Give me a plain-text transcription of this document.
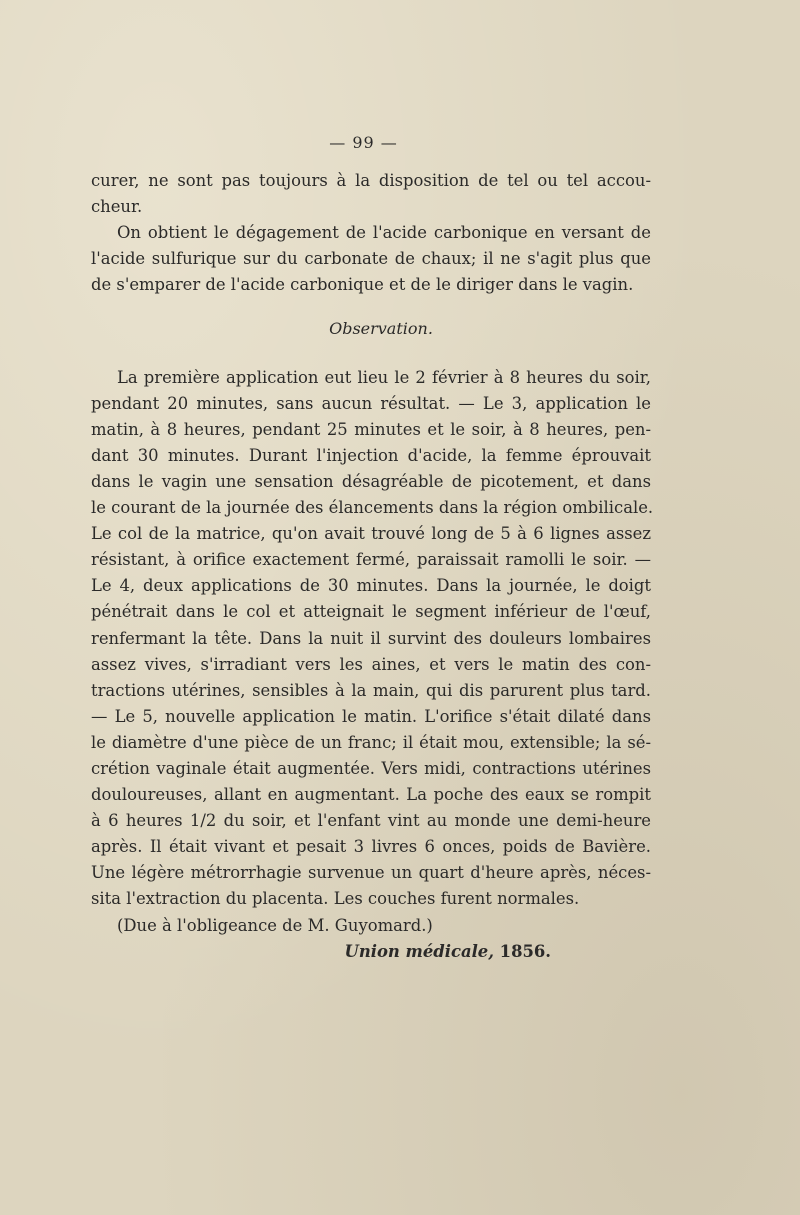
— 99 —

curer, ne sont pas toujours à la disposition de tel ou tel accou-

cheur.

On obtient le dégagement de l'acide carbonique en versant de

l'acide sulfurique sur du carbonate de chaux; il ne s'agit plus que

de s'emparer de l'acide carbonique et de le diriger dans le vagin.

Observation.

La première application eut lieu le 2 février à 8 heures du soir,

pendant 20 minutes, sans aucun résultat. — Le 3, application le

matin, à 8 heures, pendant 25 minutes et le soir, à 8 heures, pen-

dant 30 minutes. Durant l'injection d'acide, la femme éprouvait

dans le vagin une sensation désagréable de picotement, et dans

le courant de la journée des élancements dans la région ombilicale.

Le col de la matrice, qu'on avait trouvé long de 5 à 6 lignes assez

résistant, à orifice exactement fermé, paraissait ramolli le soir. —

Le 4, deux applications de 30 minutes. Dans la journée, le doigt

pénétrait dans le col et atteignait le segment inférieur de l'œuf,

renfermant la tête. Dans la nuit il survint des douleurs lombaires

assez vives, s'irradiant vers les aines, et vers le matin des con-

tractions utérines, sensibles à la main, qui dis parurent plus tard.

— Le 5, nouvelle application le matin. L'orifice s'était dilaté dans

le diamètre d'une pièce de un franc; il était mou, extensible; la sé-

crétion vaginale était augmentée. Vers midi, contractions utérines

douloureuses, allant en augmentant. La poche des eaux se rompit

à 6 heures 1/2 du soir, et l'enfant vint au monde une demi-heure

après. Il était vivant et pesait 3 livres 6 onces, poids de Bavière.

Une légère métrorrhagie survenue un quart d'heure après, néces-

sita l'extraction du placenta. Les couches furent normales.

(Due à l'obligeance de M. Guyomard.)
Union médicale, 1856.
